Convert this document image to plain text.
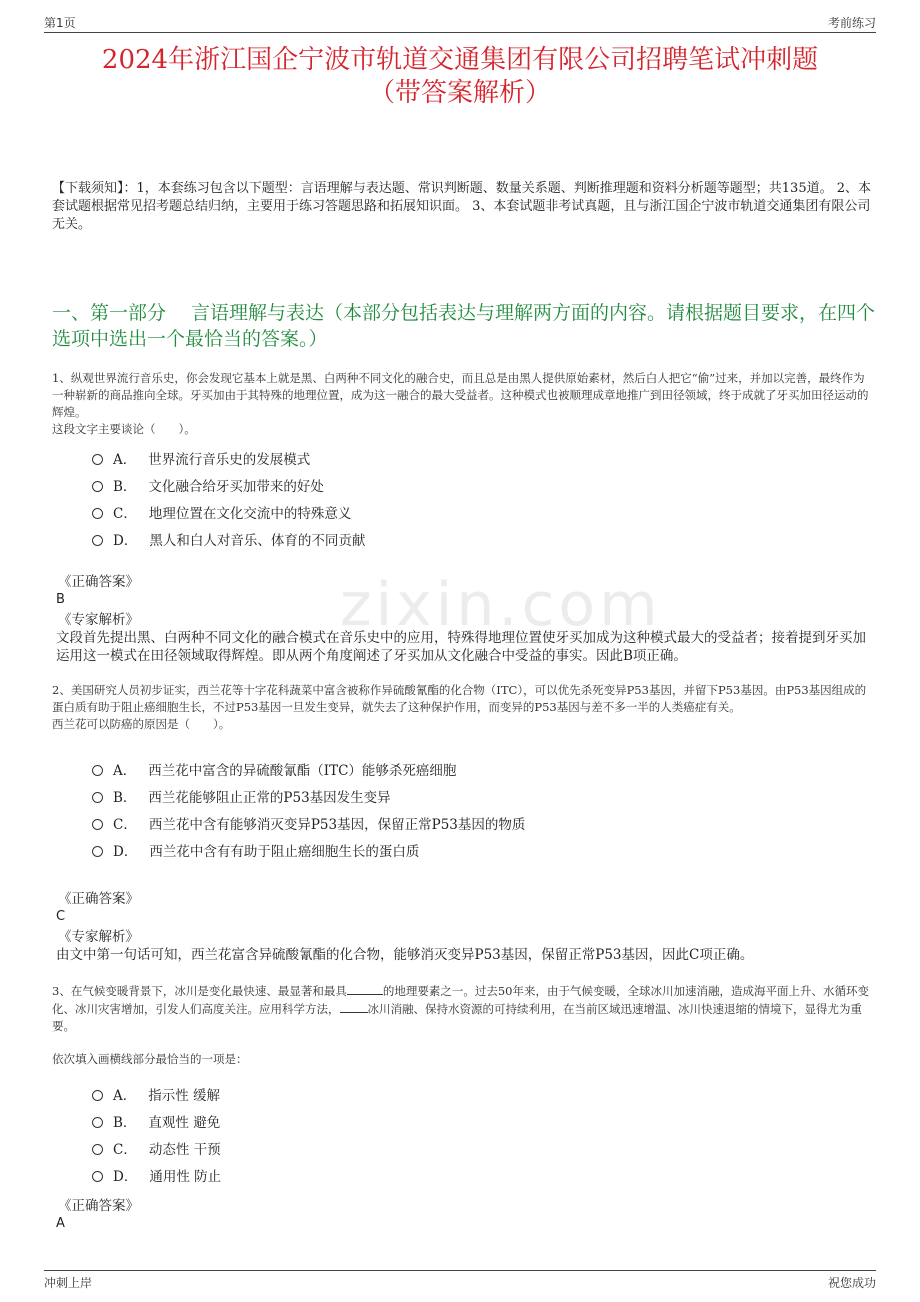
第1页	考前练习
zixin.com
2024年浙江国企宁波市轨道交通集团有限公司招聘笔试冲刺题
（带答案解析）
【下载须知】：1，本套练习包含以下题型：言语理解与表达题、常识判断题、数量关系题、判断推理题和资料分析题等题型；共135道。 2、本套试题根据常见招考题总结归纳，主要用于练习答题思路和拓展知识面。 3、本套试题非考试真题，且与浙江国企宁波市轨道交通集团有限公司无关。
一、第一部分　 言语理解与表达（本部分包括表达与理解两方面的内容。请根据题目要求，在四个选项中选出一个最恰当的答案。）

1、纵观世界流行音乐史，你会发现它基本上就是黑、白两种不同文化的融合史，而且总是由黑人提供原始素材，然后白人把它“偷”过来，并加以完善，最终作为一种崭新的商品推向全球。牙买加由于其特殊的地理位置，成为这一融合的最大受益者。这种模式也被顺理成章地推广到田径领域，终于成就了牙买加田径运动的辉煌。

这段文字主要谈论（　　）。

A． 世界流行音乐史的发展模式
B． 文化融合给牙买加带来的好处
C． 地理位置在文化交流中的特殊意义
D． 黑人和白人对音乐、体育的不同贡献
《正确答案》
B
《专家解析》
文段首先提出黑、白两种不同文化的融合模式在音乐史中的应用，特殊得地理位置使牙买加成为这种模式最大的受益者；接着提到牙买加运用这一模式在田径领域取得辉煌。即从两个角度阐述了牙买加从文化融合中受益的事实。因此B项正确。

2、美国研究人员初步证实，西兰花等十字花科蔬菜中富含被称作异硫酸氰酯的化合物（ITC），可以优先杀死变异P53基因，并留下P53基因。由P53基因组成的蛋白质有助于阻止癌细胞生长，不过P53基因一旦发生变异，就失去了这种保护作用，而变异的P53基因与差不多一半的人类癌症有关。

西兰花可以防癌的原因是（　　）。

A． 西兰花中富含的异硫酸氰酯（ITC）能够杀死癌细胞
B． 西兰花能够阻止正常的P53基因发生变异
C． 西兰花中含有能够消灭变异P53基因，保留正常P53基因的物质
D． 西兰花中含有有助于阻止癌细胞生长的蛋白质
《正确答案》
C
《专家解析》
由文中第一句话可知，西兰花富含异硫酸氰酯的化合物，能够消灭变异P53基因，保留正常P53基因，因此C项正确。

3、在气候变暖背景下，冰川是变化最快速、最显著和最具	的地理要素之一。过去50年来，由于气候变暖，全球冰川加速消融，造成海平面上升、水循环变化、冰川灾害增加，引发人们高度关注。应用科学方法， 冰川消融、保持水资源的可持续利用，在当前区域迅速增温、冰川快速退缩的情境下，显得尤为重要。

依次填入画横线部分最恰当的一项是：

A． 指示性 缓解
B． 直观性 避免
C． 动态性 干预
D． 通用性 防止
《正确答案》
A
冲刺上岸	祝您成功
